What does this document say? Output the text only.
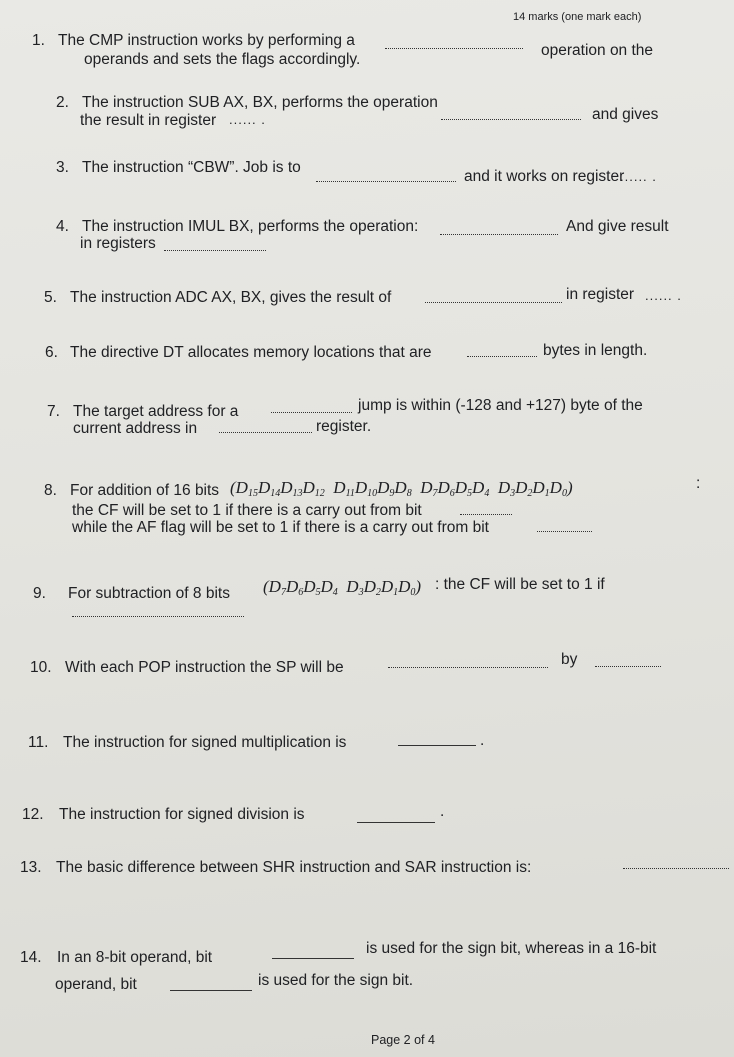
14 marks (one mark each)
1. The CMP instruction works by performing a
operation on the
operands and sets the flags accordingly.
2. The instruction SUB AX, BX, performs the operation
and gives
the result in register ...... .
3. The instruction “CBW”. Job is to
and it works on register
...... .
4. The instruction IMUL BX, performs the operation:	And give result
in registers
5. The instruction ADC AX, BX, gives the result of	in register ...... .
6. The directive DT allocates memory locations that are	bytes in length.
7. The target address for a	jump is within (-128 and +127) byte of the
current address in	register.
8. For addition of 16 bits ($D_{15}D_{14}D_{13}D_{12}$  $D_{11}D_{10}D_9D_8$  $D_7D_6D_5D_4$  $D_3D_2D_1D_0$)	:
the CF will be set to 1 if there is a carry out from bit
while the AF flag will be set to 1 if there is a carry out from bit
9. For subtraction of 8 bits ($D_7D_6D_5D_4$  $D_3D_2D_1D_0$) : the CF will be set to 1 if
10. With each POP instruction the SP will be	by
11. The instruction for signed multiplication is	.
12. The instruction for signed division is	.
13. The basic difference between SHR instruction and SAR instruction is:
14. In an 8-bit operand, bit
is used for the sign bit, whereas in a 16-bit
operand, bit	is used for the sign bit.
Page 2 of 4
